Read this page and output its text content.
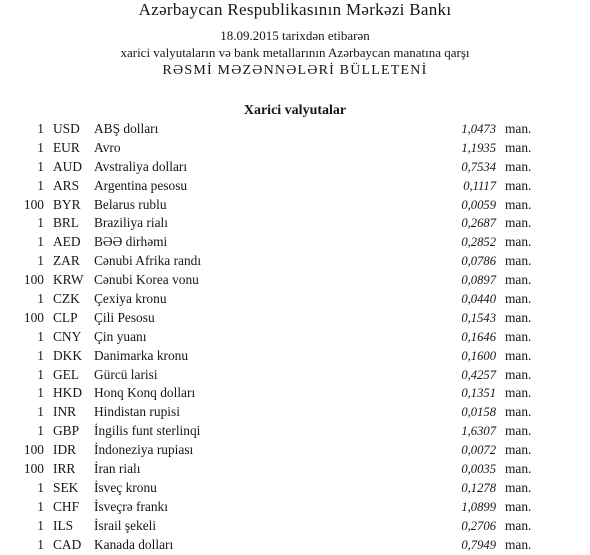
Azərbaycan Respublikasının Mərkəzi Bankı
18.09.2015 tarixdən etibarən
xarici valyutaların və bank metallarının Azərbaycan manatına qarşı
RƏSMİ MƏZƏNNƏLƏRİ BÜLLETENİ
Xarici valyutalar
1 USD	ABŞ dolları	1,0473 man.
1 EUR	Avro	1,1935 man.
1 AUD Avstraliya dolları	0,7534 man.
1 ARS	Argentina pesosu	0,1117 man.
100 BYR	Belarus rublu	0,0059 man.
1 BRL	Braziliya rialı	0,2687 man.
1 AED	BƏƏ dirhəmi	0,2852 man.
1 ZAR	Cənubi Afrika randı	0,0786 man.
100 KRW Cənubi Korea vonu	0,0897 man.
1 CZK	Çexiya kronu	0,0440 man.
100 CLP	Çili Pesosu	0,1543 man.
1 CNY Çin yuanı	0,1646 man.
1 DKK Danimarka kronu	0,1600 man.
1 GEL	Gürcü larisi	0,4257 man.
1 HKD Honq Konq dolları	0,1351 man.
1 INR	Hindistan rupisi	0,0158 man.
1 GBP	İngilis funt sterlinqi	1,6307 man.
100 IDR	İndoneziya rupiası	0,0072 man.
100 IRR	İran rialı	0,0035 man.
1 SEK	İsveç kronu	0,1278 man.
1 CHF	İsveçrə frankı	1,0899 man.
1 ILS	İsrail şekeli	0,2706 man.
1 CAD Kanada dolları	0,7949 man.
